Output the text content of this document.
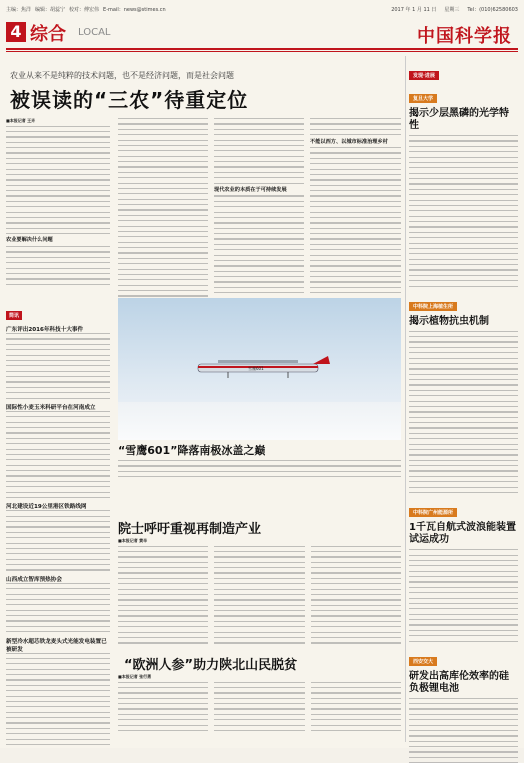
主编：焦洋 编辑：胡蕊宁 校对：傅宏伟 E-mail：news@stimes.cn	2017 年 1 月 11 日 星期三 Tel：(010)62580603
4 综合 LOCAL	中国科学报
农业从来不是纯粹的技术问题，也不是经济问题，而是社会问题
被误读的“三农”待重定位
■本报记者 王卉
农业要解决什么问题
现代农业的本质在于可持续发展
不能以西方、以城市标准治理乡村
简讯
广东评出2016年科技十大事件
国际性小麦玉米科研平台在河南成立
河北建设近19公里港区铁路线网
山西成立智库预热协会
新型冷水超芯铁龙麦头式光能发电装置已被研发
雪鹰601
“雪鹰601”降落南极冰盖之巅
院士呼吁重视再制造产业
■本报记者 黄辛
“欧洲人参”助力陕北山民脱贫
■本报记者 张行勇
发现·进展
复旦大学
揭示少层黑磷的光学特性
中科院上海植生所
揭示植物抗虫机制
中科院广州能源所
1千瓦自航式波浪能装置试运成功
西安交大
研发出高库伦效率的硅负极锂电池
